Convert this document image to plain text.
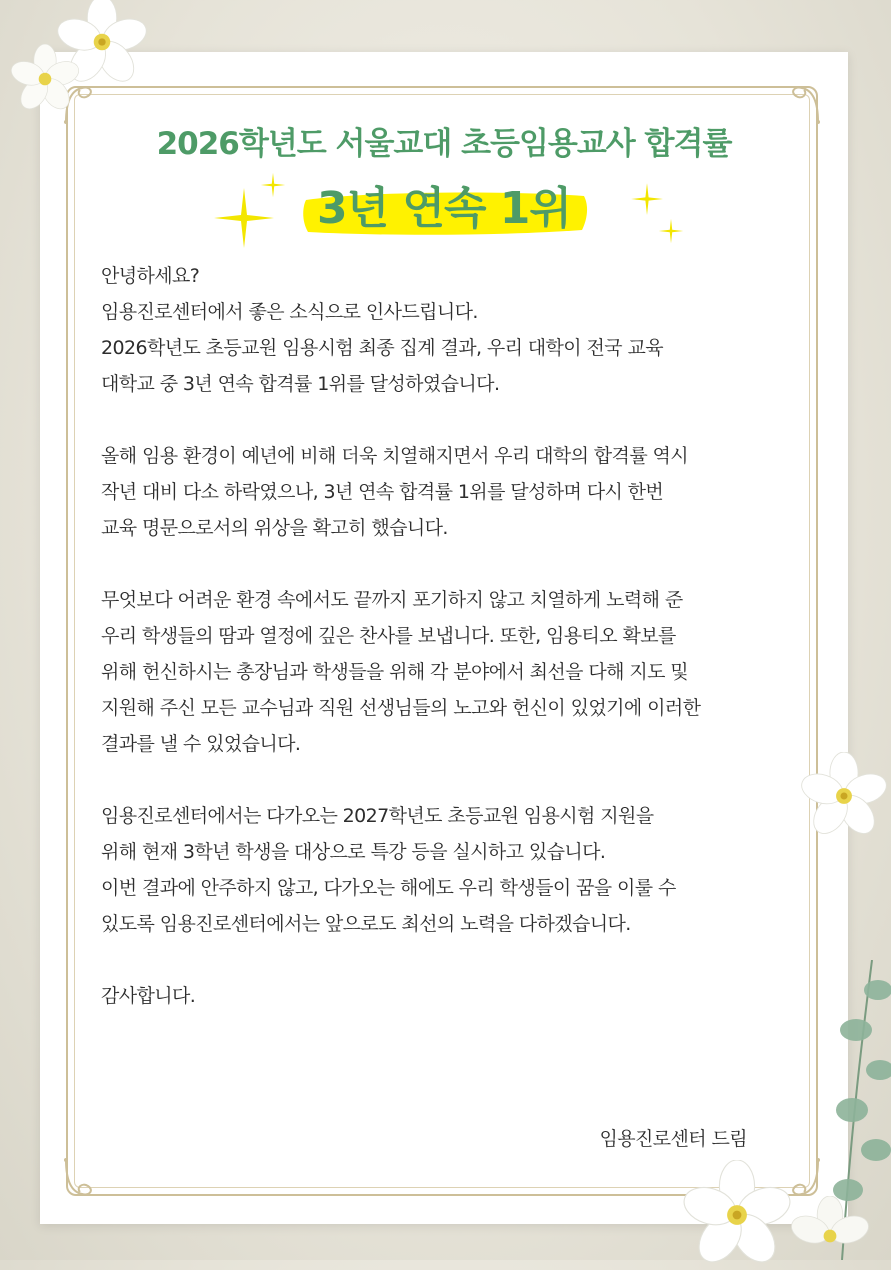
2026학년도 서울교대 초등임용교사 합격률
3년 연속 1위

안녕하세요?
임용진로센터에서 좋은 소식으로 인사드립니다.
2026학년도 초등교원 임용시험 최종 집계 결과, 우리 대학이 전국 교육
대학교 중 3년 연속 합격률 1위를 달성하였습니다.

올해 임용 환경이 예년에 비해 더욱 치열해지면서 우리 대학의 합격률 역시
작년 대비 다소 하락였으나, 3년 연속 합격률 1위를 달성하며 다시 한번
교육 명문으로서의 위상을 확고히 했습니다.

무엇보다 어려운 환경 속에서도 끝까지 포기하지 않고 치열하게 노력해 준
우리 학생들의 땀과 열정에 깊은 찬사를 보냅니다. 또한, 임용티오 확보를
위해 헌신하시는 총장님과 학생들을 위해 각 분야에서 최선을 다해 지도 및
지원해 주신 모든 교수님과 직원 선생님들의 노고와 헌신이 있었기에 이러한
결과를 낼 수 있었습니다.

임용진로센터에서는 다가오는 2027학년도 초등교원 임용시험 지원을
위해 현재 3학년 학생을 대상으로 특강 등을 실시하고 있습니다.
이번 결과에 안주하지 않고, 다가오는 해에도 우리 학생들이 꿈을 이룰 수
있도록 임용진로센터에서는 앞으로도 최선의 노력을 다하겠습니다.

감사합니다.

임용진로센터 드림
